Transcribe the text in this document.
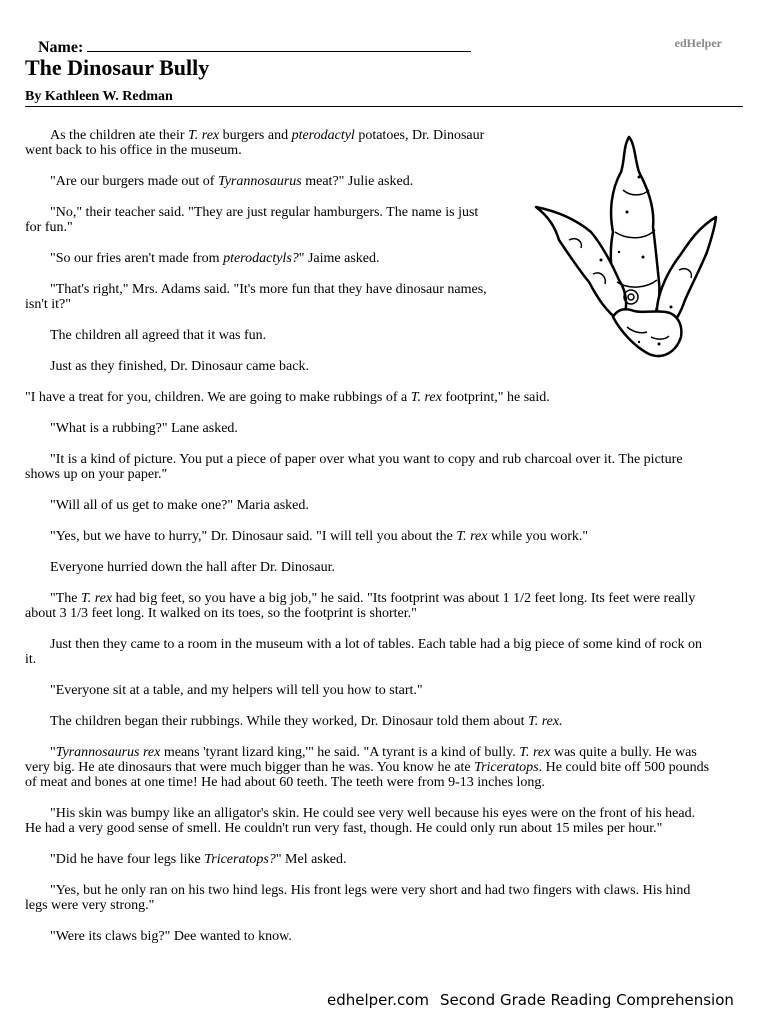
Name:	edHelper
The Dinosaur Bully
By Kathleen W. Redman

As the children ate their T. rex burgers and pterodactyl potatoes, Dr. Dinosaur went back to his office in the museum.

"Are our burgers made out of Tyrannosaurus meat?" Julie asked.

"No," their teacher said. "They are just regular hamburgers. The name is just for fun."

"So our fries aren't made from pterodactyls?" Jaime asked.

"That's right," Mrs. Adams said. "It's more fun that they have dinosaur names, isn't it?"

The children all agreed that it was fun.

Just as they finished, Dr. Dinosaur came back.

"I have a treat for you, children. We are going to make rubbings of a T. rex footprint," he said.

"What is a rubbing?" Lane asked.

"It is a kind of picture. You put a piece of paper over what you want to copy and rub charcoal over it. The picture shows up on your paper."

"Will all of us get to make one?" Maria asked.

"Yes, but we have to hurry," Dr. Dinosaur said. "I will tell you about the T. rex while you work."

Everyone hurried down the hall after Dr. Dinosaur.

"The T. rex had big feet, so you have a big job," he said. "Its footprint was about 1 1/2 feet long. Its feet were really about 3 1/3 feet long. It walked on its toes, so the footprint is shorter."

Just then they came to a room in the museum with a lot of tables. Each table had a big piece of some kind of rock on it.

"Everyone sit at a table, and my helpers will tell you how to start."

The children began their rubbings. While they worked, Dr. Dinosaur told them about T. rex.

"Tyrannosaurus rex means 'tyrant lizard king,'" he said. "A tyrant is a kind of bully. T. rex was quite a bully. He was very big. He ate dinosaurs that were much bigger than he was. You know he ate Triceratops. He could bite off 500 pounds of meat and bones at one time! He had about 60 teeth. The teeth were from 9-13 inches long.

"His skin was bumpy like an alligator's skin. He could see very well because his eyes were on the front of his head. He had a very good sense of smell. He couldn't run very fast, though. He could only run about 15 miles per hour."

"Did he have four legs like Triceratops?" Mel asked.

"Yes, but he only ran on his two hind legs. His front legs were very short and had two fingers with claws. His hind legs were very strong."

"Were its claws big?" Dee wanted to know.

edhelper.com Second Grade Reading Comprehension
